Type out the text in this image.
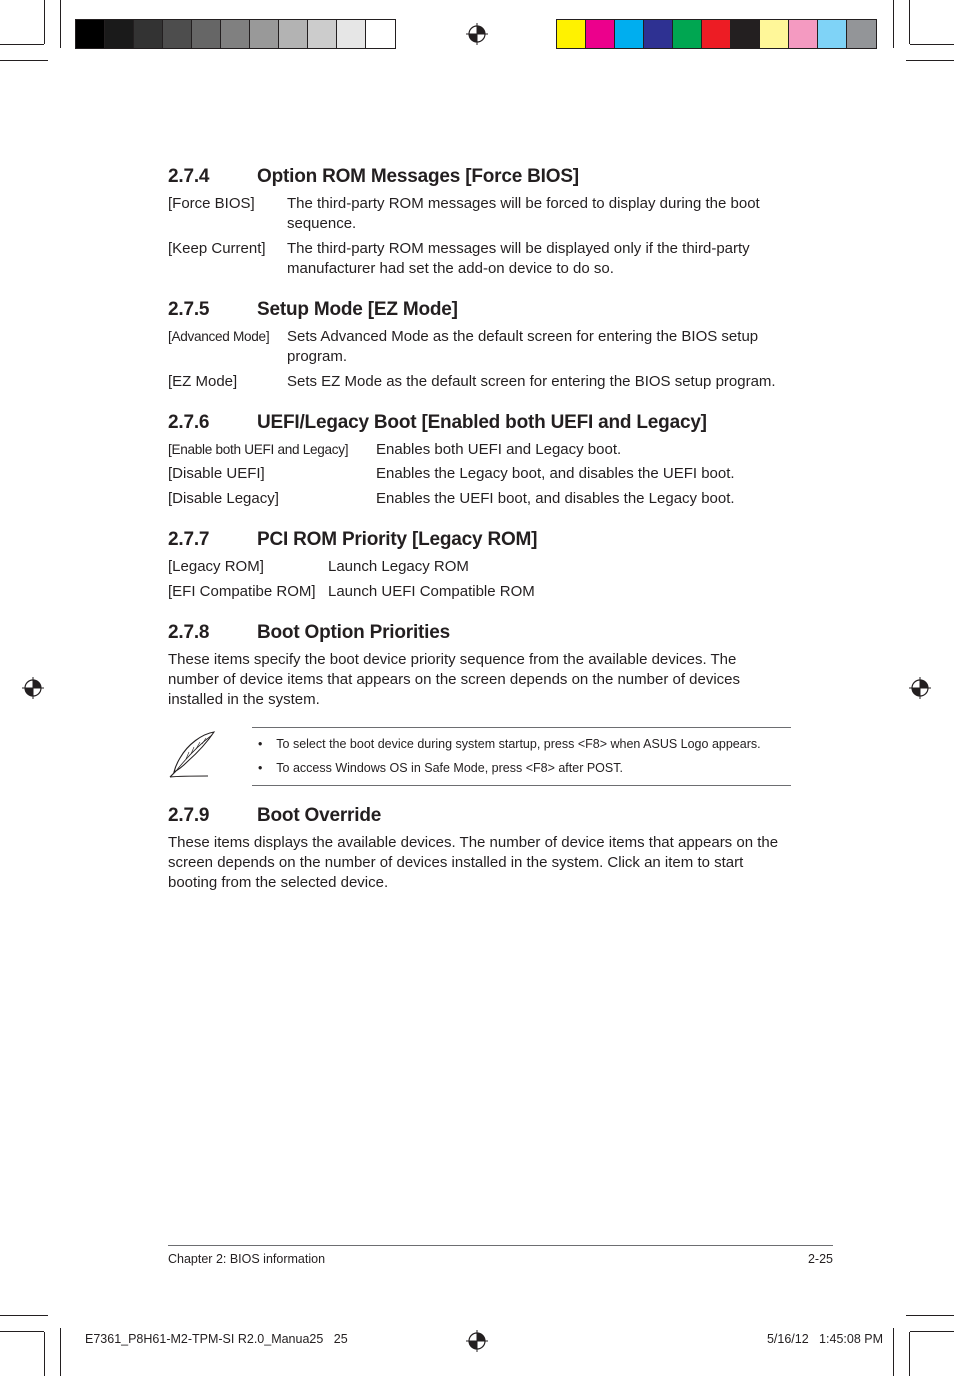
2.7.4	Option ROM Messages [Force BIOS]
[Force BIOS] The third-party ROM messages will be forced to display during the boot
sequence.
[Keep Current] The third-party ROM messages will be displayed only if the third-party
manufacturer had set the add-on device to do so.
2.7.5	Setup Mode [EZ Mode]
[Advanced Mode] Sets Advanced Mode as the default screen for entering the BIOS setup
program.
[EZ Mode]	Sets EZ Mode as the default screen for entering the BIOS setup program.
2.7.6	UEFI/Legacy Boot [Enabled both UEFI and Legacy]
[Enable both UEFI and Legacy] Enables both UEFI and Legacy boot.
[Disable UEFI]	Enables the Legacy boot, and disables the UEFI boot.
[Disable Legacy]	Enables the UEFI boot, and disables the Legacy boot.
2.7.7	PCI ROM Priority [Legacy ROM]
[Legacy ROM]	Launch Legacy ROM
[EFI Compatibe ROM] Launch UEFI Compatible ROM
2.7.8	Boot Option Priorities
These items specify the boot device priority sequence from the available devices. The number of device items that appears on the screen depends on the number of devices installed in the system.
•    To select the boot device during system startup, press <F8> when ASUS Logo appears.
•    To access Windows OS in Safe Mode, press <F8> after POST.
2.7.9	Boot Override
These items displays the available devices. The number of device items that appears on the screen depends on the number of devices installed in the system. Click an item to start booting from the selected device.
Chapter 2: BIOS information	2-25
E7361_P8H61-M2-TPM-SI R2.0_Manua25   25	5/16/12   1:45:08 PM
